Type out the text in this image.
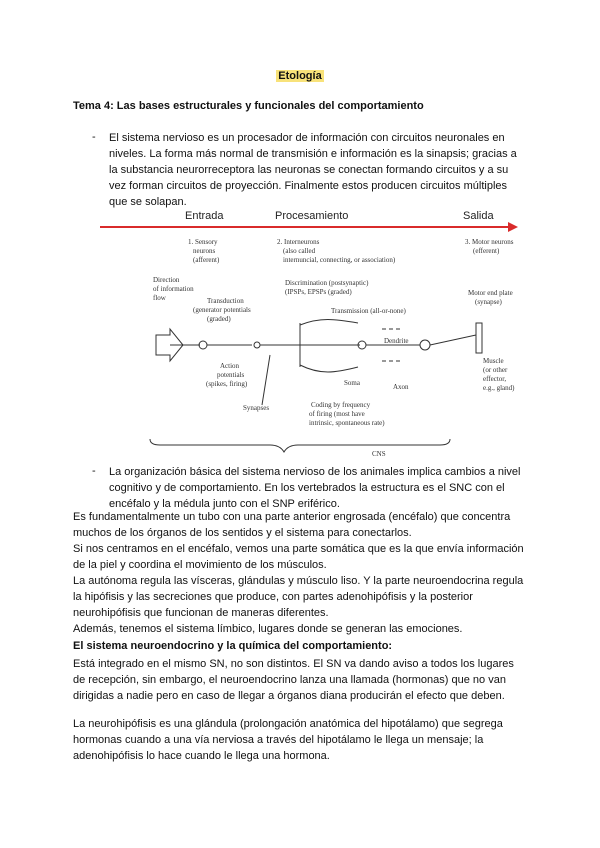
Etología
Tema 4: Las bases estructurales y funcionales del comportamiento
- El sistema nervioso es un procesador de información con circuitos neuronales en
niveles. La forma más normal de transmisión e información es la sinapsis; gracias a
la substancia neurorreceptora las neuronas se conectan formando circuitos y a su
vez forman circuitos de proyección. Finalmente estos producen circuitos múltiples
que se solapan.
Entrada	Procesamiento	Salida
1. Sensory
neurons
(afferent)
2. Interneurons
(also called
internuncial, connecting, or association)
3. Motor neurons
(efferent)
Direction
of information
flow	Transduction
(generator potentials
(graded)
Discrimination (postsynaptic)
(IPSPs, EPSPs (graded)
Transmission (all-or-none)
Motor end plate
(synapse)
Dendrite
Muscle
(or other
effector,
e.g., gland)
Action
potentials
(spikes, firing)	Soma	Axon
Synapses	Coding by frequency
of firing (most have
intrinsic, spontaneous rate)
CNS
- La organización básica del sistema nervioso de los animales implica cambios a nivel
cognitivo y de comportamiento. En los vertebrados la estructura es el SNC con el
encéfalo y la médula junto con el SNP eriférico.
Es fundamentalmente un tubo con una parte anterior engrosada (encéfalo) que concentra
muchos de los órganos de los sentidos y el sistema para conectarlos.
Si nos centramos en el encéfalo, vemos una parte somática que es la que envía información
de la piel y coordina el movimiento de los músculos.
La autónoma regula las vísceras, glándulas y músculo liso. Y la parte neuroendocrina regula
la hipófisis y las secreciones que produce, con partes adenohipófisis y la posterior
neurohipófisis que funcionan de maneras diferentes.
Además, tenemos el sistema límbico, lugares donde se generan las emociones.
El sistema neuroendocrino y la química del comportamiento:
Está integrado en el mismo SN, no son distintos. El SN va dando aviso a todos los lugares
de recepción, sin embargo, el neuroendocrino lanza una llamada (hormonas) que no van
dirigidas a nadie pero en caso de llegar a órganos diana producirán el efecto que deben.
La neurohipófisis es una glándula (prolongación anatómica del hipotálamo) que segrega
hormonas cuando a una vía nerviosa a través del hipotálamo le llega un mensaje; la
adenohipófisis lo hace cuando le llega una hormona.
